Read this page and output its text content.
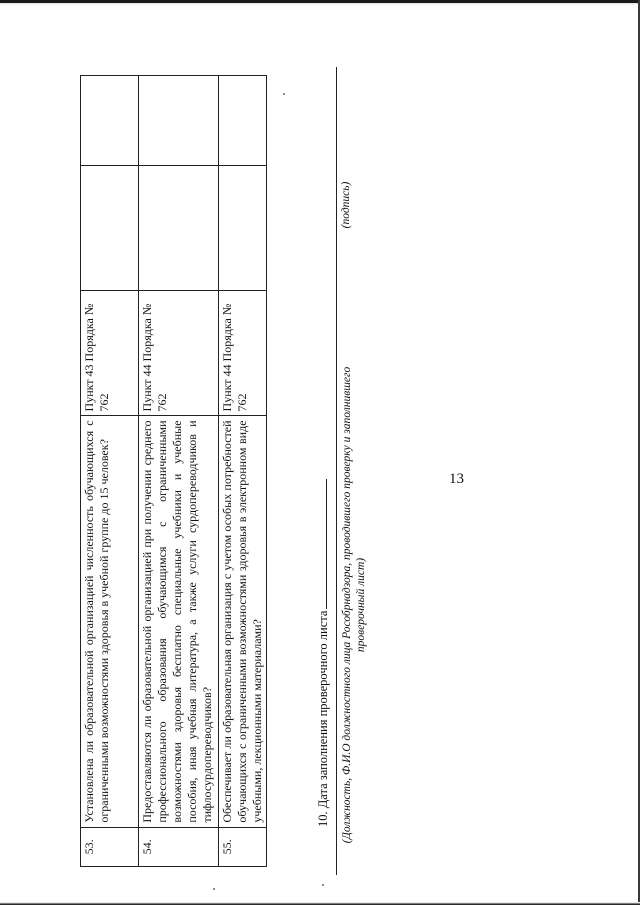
13
53.	Установлена ли образовательной организацией численность обучающихся с ограниченными возможностями здоровья в учебной группе до 15 человек?	Пункт 43 Порядка № 762		
54.	Предоставляются ли образовательной организацией при получении среднего профессионального образования обучающимся с ограниченными возможностями здоровья бесплатно специальные учебники и учебные пособия, иная учебная литература, а также услуги сурдопереводчиков и тифлосурдопереводчиков?	Пункт 44 Порядка № 762		
55.	Обеспечивает ли образовательная организация с учетом особых потребностей обучающихся с ограниченными возможностями здоровья в электронном виде учебными, лекционными материалами?	Пункт 44 Порядка № 762		
10. Дата заполнения проверочного листа (Должность, Ф.И.О должностного лица Рособрнадзора, проводившего проверку и заполнившего проверочный лист)
(подпись)
